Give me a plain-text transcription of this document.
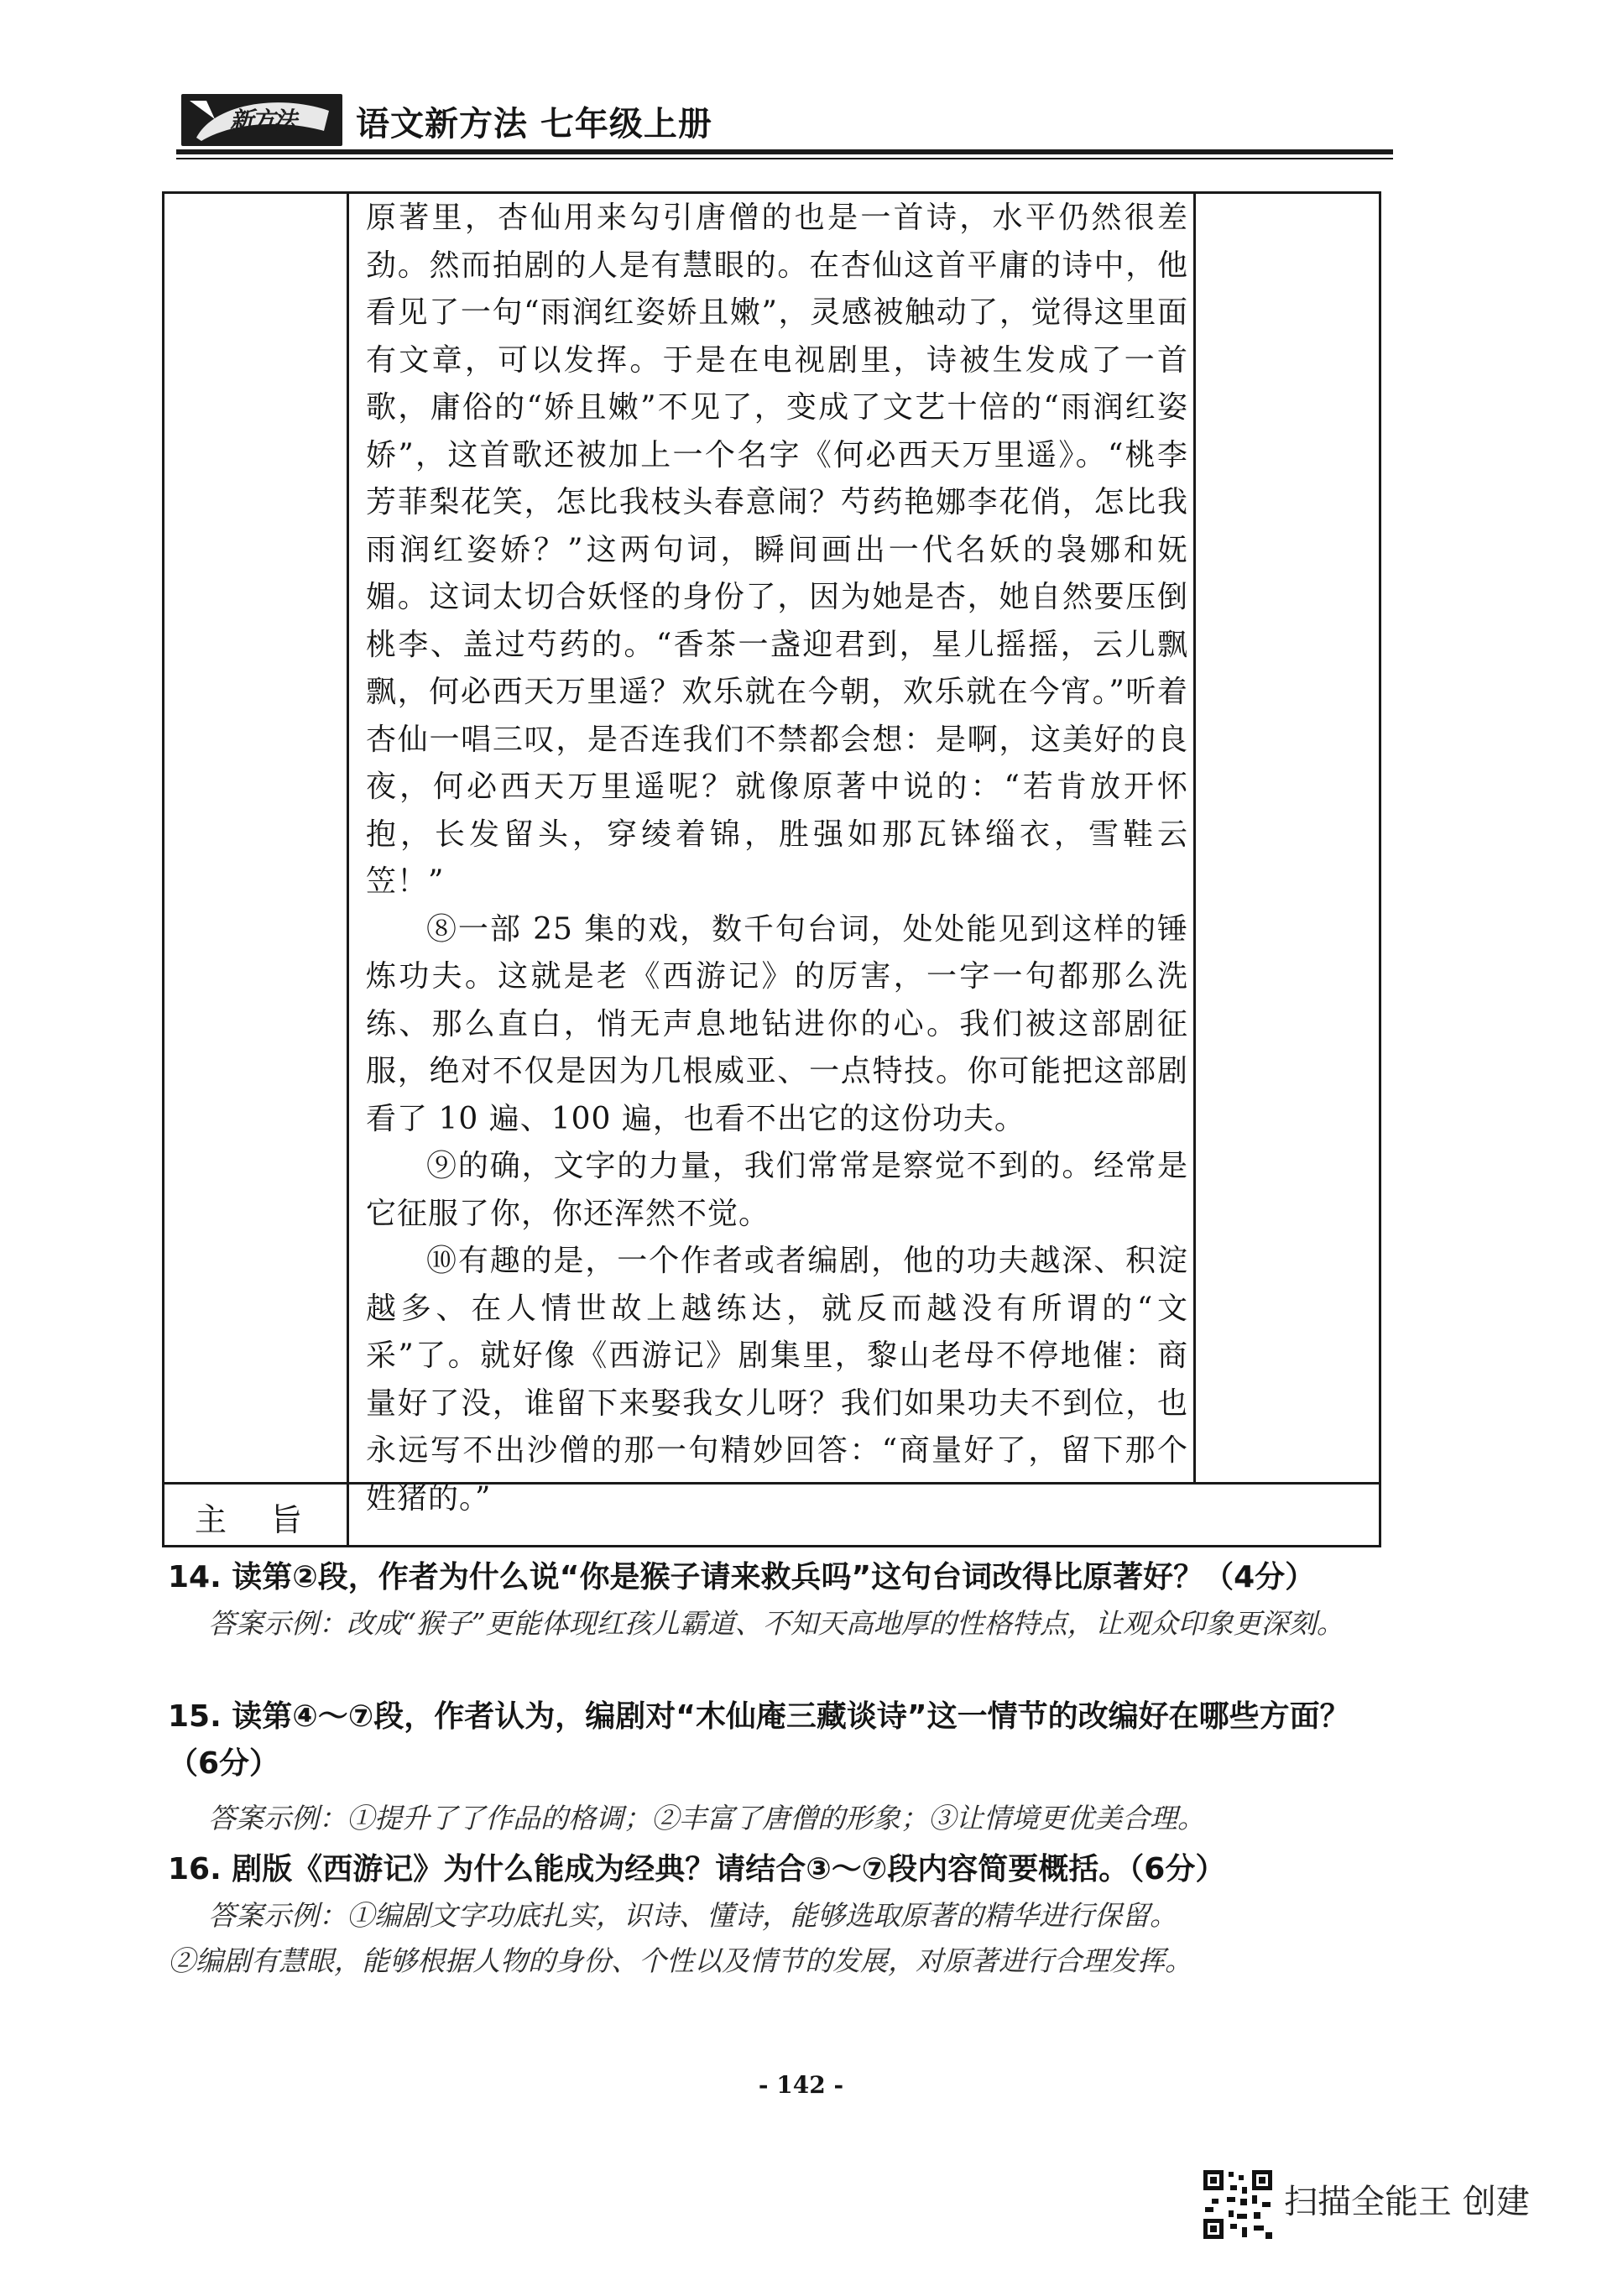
新方法 语文新方法 七年级上册
主旨

原著里，杏仙用来勾引唐僧的也是一首诗，水平仍然很差劲。然而拍剧的人是有慧眼的。在杏仙这首平庸的诗中，他看见了一句“雨润红姿娇且嫩”，灵感被触动了，觉得这里面有文章，可以发挥。于是在电视剧里，诗被生发成了一首歌，庸俗的“娇且嫩”不见了，变成了文艺十倍的“雨润红姿娇”，这首歌还被加上一个名字《何必西天万里遥》。“桃李芳菲梨花笑，怎比我枝头春意闹？芍药艳娜李花俏，怎比我雨润红姿娇？”这两句词，瞬间画出一代名妖的袅娜和妩媚。这词太切合妖怪的身份了，因为她是杏，她自然要压倒桃李、盖过芍药的。“香茶一盏迎君到，星儿摇摇，云儿飘飘，何必西天万里遥？欢乐就在今朝，欢乐就在今宵。”听着杏仙一唱三叹，是否连我们不禁都会想：是啊，这美好的良夜，何必西天万里遥呢？就像原著中说的：“若肯放开怀抱，长发留头，穿绫着锦，胜强如那瓦钵缁衣，雪鞋云笠！”

⑧一部 25 集的戏，数千句台词，处处能见到这样的锤炼功夫。这就是老《西游记》的厉害，一字一句都那么洗练、那么直白，悄无声息地钻进你的心。我们被这部剧征服，绝对不仅是因为几根威亚、一点特技。你可能把这部剧看了 10 遍、100 遍，也看不出它的这份功夫。

⑨的确，文字的力量，我们常常是察觉不到的。经常是它征服了你，你还浑然不觉。

⑩有趣的是，一个作者或者编剧，他的功夫越深、积淀越多、在人情世故上越练达，就反而越没有所谓的“文采”了。就好像《西游记》剧集里，黎山老母不停地催：商量好了没，谁留下来娶我女儿呀？我们如果功夫不到位，也永远写不出沙僧的那一句精妙回答：“商量好了，留下那个姓猪的。”

14. 读第②段，作者为什么说“你是猴子请来救兵吗”这句台词改得比原著好？（4分）

答案示例：改成“猴子”更能体现红孩儿霸道、不知天高地厚的性格特点，让观众印象更深刻。

15. 读第④～⑦段，作者认为，编剧对“木仙庵三藏谈诗”这一情节的改编好在哪些方面？（6分）

答案示例：①提升了了作品的格调；②丰富了唐僧的形象；③让情境更优美合理。

16. 剧版《西游记》为什么能成为经典？请结合③～⑦段内容简要概括。（6分）

答案示例：①编剧文字功底扎实，识诗、懂诗，能够选取原著的精华进行保留。

②编剧有慧眼，能够根据人物的身份、个性以及情节的发展，对原著进行合理发挥。

- 142 -
扫描全能王 创建
